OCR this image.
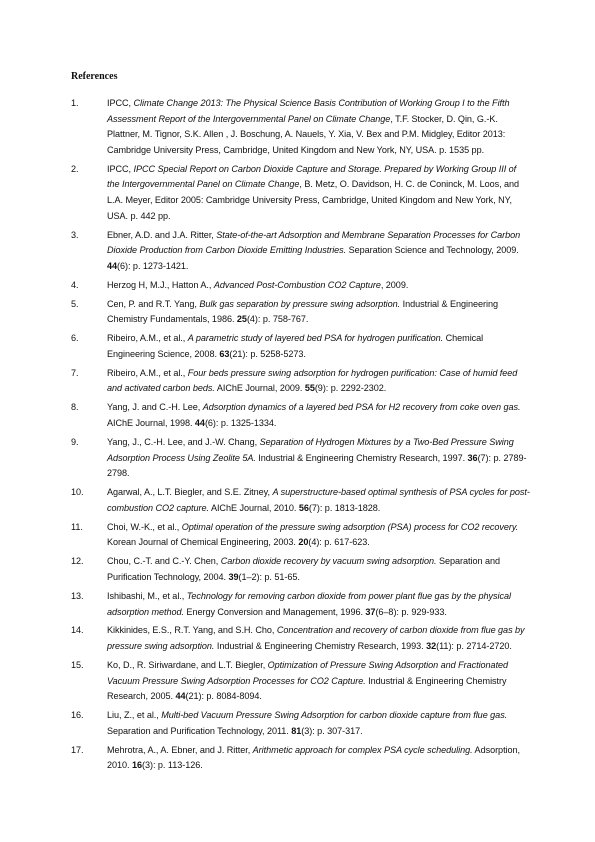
References
1.	IPCC, Climate Change 2013: The Physical Science Basis Contribution of Working Group I to the Fifth Assessment Report of the Intergovernmental Panel on Climate Change, T.F. Stocker, D. Qin, G.-K. Plattner, M. Tignor, S.K. Allen , J. Boschung, A. Nauels, Y. Xia, V. Bex and P.M. Midgley, Editor 2013: Cambridge University Press, Cambridge, United Kingdom and New York, NY, USA. p. 1535 pp.
2.	IPCC, IPCC Special Report on Carbon Dioxide Capture and Storage. Prepared by Working Group III of the Intergovernmental Panel on Climate Change, B. Metz, O. Davidson, H. C. de Coninck, M. Loos, and L.A. Meyer, Editor 2005: Cambridge University Press, Cambridge, United Kingdom and New York, NY, USA. p. 442 pp.
3.	Ebner, A.D. and J.A. Ritter, State-of-the-art Adsorption and Membrane Separation Processes for Carbon Dioxide Production from Carbon Dioxide Emitting Industries. Separation Science and Technology, 2009. 44(6): p. 1273-1421.
4.	Herzog H, M.J., Hatton A., Advanced Post-Combustion CO2 Capture, 2009.
5.	Cen, P. and R.T. Yang, Bulk gas separation by pressure swing adsorption. Industrial & Engineering Chemistry Fundamentals, 1986. 25(4): p. 758-767.
6.	Ribeiro, A.M., et al., A parametric study of layered bed PSA for hydrogen purification. Chemical Engineering Science, 2008. 63(21): p. 5258-5273.
7.	Ribeiro, A.M., et al., Four beds pressure swing adsorption for hydrogen purification: Case of humid feed and activated carbon beds. AIChE Journal, 2009. 55(9): p. 2292-2302.
8.	Yang, J. and C.-H. Lee, Adsorption dynamics of a layered bed PSA for H2 recovery from coke oven gas. AIChE Journal, 1998. 44(6): p. 1325-1334.
9.	Yang, J., C.-H. Lee, and J.-W. Chang, Separation of Hydrogen Mixtures by a Two-Bed Pressure Swing Adsorption Process Using Zeolite 5A. Industrial & Engineering Chemistry Research, 1997. 36(7): p. 2789-2798.
10.	Agarwal, A., L.T. Biegler, and S.E. Zitney, A superstructure-based optimal synthesis of PSA cycles for post-combustion CO2 capture. AIChE Journal, 2010. 56(7): p. 1813-1828.
11.	Choi, W.-K., et al., Optimal operation of the pressure swing adsorption (PSA) process for CO2 recovery. Korean Journal of Chemical Engineering, 2003. 20(4): p. 617-623.
12.	Chou, C.-T. and C.-Y. Chen, Carbon dioxide recovery by vacuum swing adsorption. Separation and Purification Technology, 2004. 39(1–2): p. 51-65.
13.	Ishibashi, M., et al., Technology for removing carbon dioxide from power plant flue gas by the physical adsorption method. Energy Conversion and Management, 1996. 37(6–8): p. 929-933.
14.	Kikkinides, E.S., R.T. Yang, and S.H. Cho, Concentration and recovery of carbon dioxide from flue gas by pressure swing adsorption. Industrial & Engineering Chemistry Research, 1993. 32(11): p. 2714-2720.
15.	Ko, D., R. Siriwardane, and L.T. Biegler, Optimization of Pressure Swing Adsorption and Fractionated Vacuum Pressure Swing Adsorption Processes for CO2 Capture. Industrial & Engineering Chemistry Research, 2005. 44(21): p. 8084-8094.
16.	Liu, Z., et al., Multi-bed Vacuum Pressure Swing Adsorption for carbon dioxide capture from flue gas. Separation and Purification Technology, 2011. 81(3): p. 307-317.
17.	Mehrotra, A., A. Ebner, and J. Ritter, Arithmetic approach for complex PSA cycle scheduling. Adsorption, 2010. 16(3): p. 113-126.
